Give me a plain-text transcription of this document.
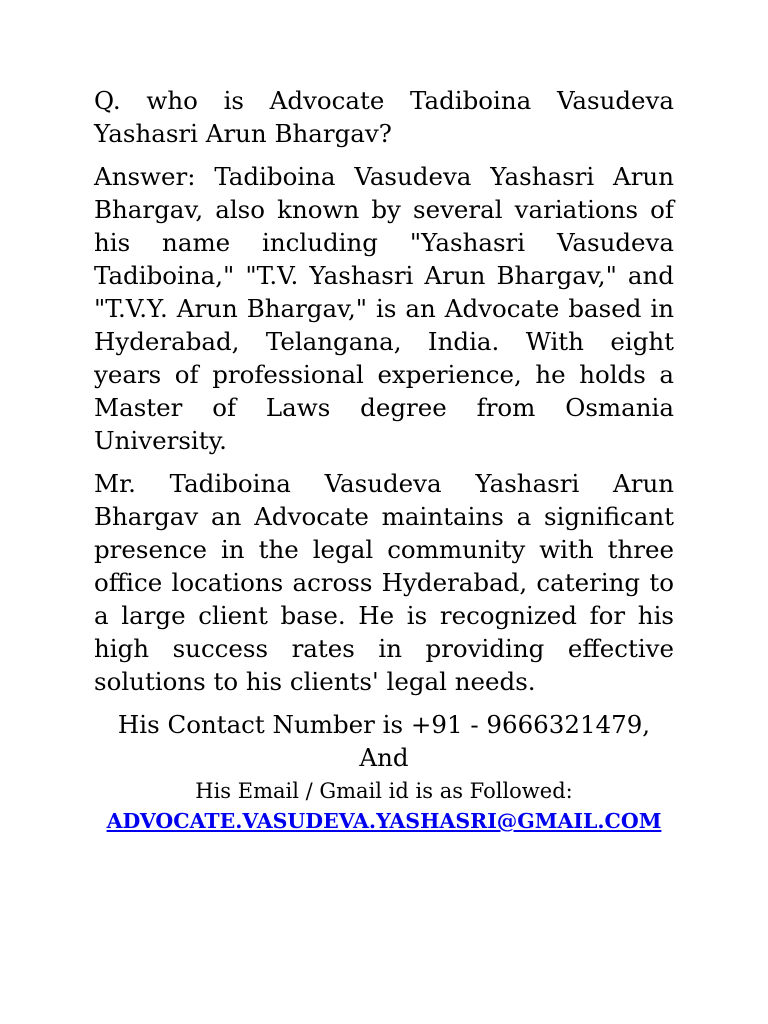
Q. who is Advocate Tadiboina Vasudeva Yashasri Arun Bhargav?

Answer: Tadiboina Vasudeva Yashasri Arun Bhargav, also known by several variations of his name including "Yashasri Vasudeva Tadiboina," "T.V. Yashasri Arun Bhargav," and "T.V.Y. Arun Bhargav," is an Advocate based in Hyderabad, Telangana, India. With eight years of professional experience, he holds a Master of Laws degree from Osmania University.

Mr. Tadiboina Vasudeva Yashasri Arun Bhargav an Advocate maintains a significant presence in the legal community with three office locations across Hyderabad, catering to a large client base. He is recognized for his high success rates in providing effective solutions to his clients' legal needs.

His Contact Number is +91 - 9666321479,

And

His Email / Gmail id is as Followed:

ADVOCATE.VASUDEVA.YASHASRI@GMAIL.COM
